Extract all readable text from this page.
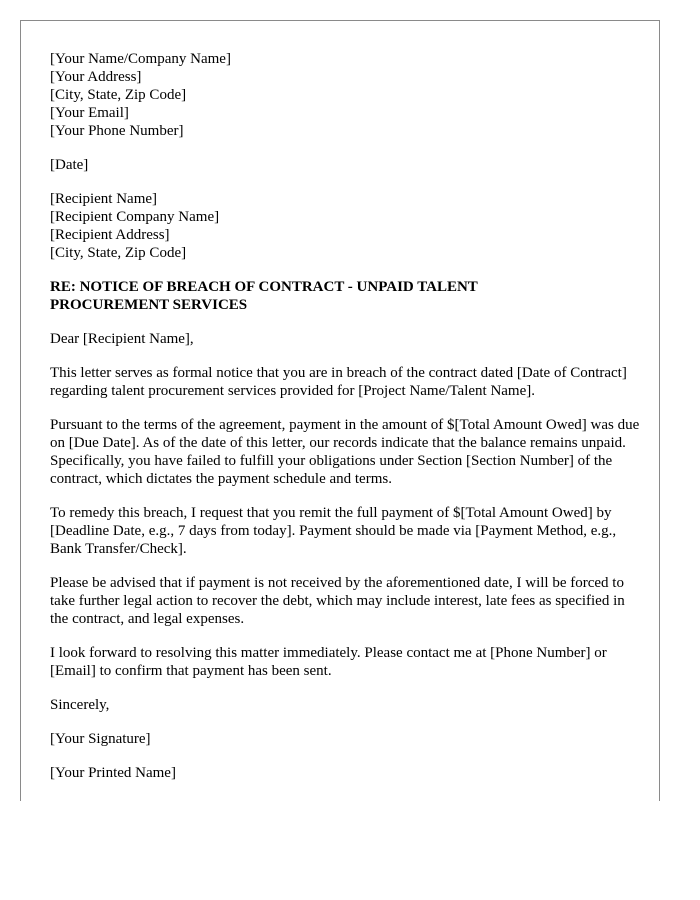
[Your Name/Company Name]
[Your Address]
[City, State, Zip Code]
[Your Email]
[Your Phone Number]
[Date]
[Recipient Name]
[Recipient Company Name]
[Recipient Address]
[City, State, Zip Code]
RE: NOTICE OF BREACH OF CONTRACT - UNPAID TALENT PROCUREMENT SERVICES

Dear [Recipient Name],

This letter serves as formal notice that you are in breach of the contract dated [Date of Contract] regarding talent procurement services provided for [Project Name/Talent Name].

Pursuant to the terms of the agreement, payment in the amount of $[Total Amount Owed] was due on [Due Date]. As of the date of this letter, our records indicate that the balance remains unpaid. Specifically, you have failed to fulfill your obligations under Section [Section Number] of the contract, which dictates the payment schedule and terms.

To remedy this breach, I request that you remit the full payment of $[Total Amount Owed] by [Deadline Date, e.g., 7 days from today]. Payment should be made via [Payment Method, e.g., Bank Transfer/Check].

Please be advised that if payment is not received by the aforementioned date, I will be forced to take further legal action to recover the debt, which may include interest, late fees as specified in the contract, and legal expenses.

I look forward to resolving this matter immediately. Please contact me at [Phone Number] or [Email] to confirm that payment has been sent.

Sincerely,

[Your Signature]

[Your Printed Name]
